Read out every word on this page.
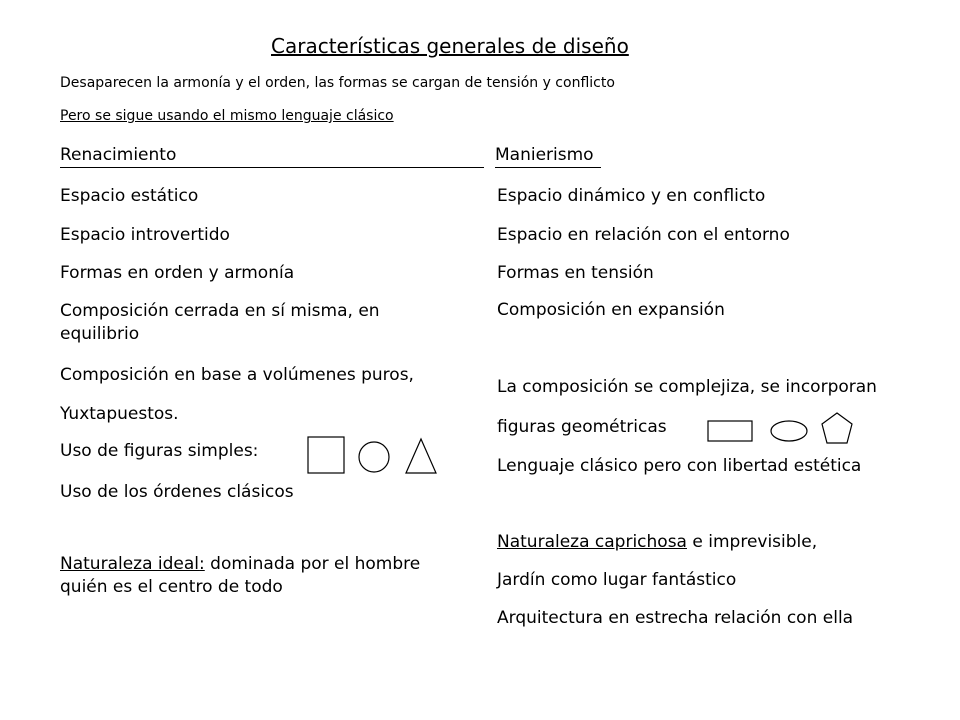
Características generales de diseño
Desaparecen la armonía y el orden, las formas se cargan de tensión y conflicto
Pero se sigue usando el mismo lenguaje clásico
Renacimiento	Manierismo
Espacio estático
Espacio introvertido
Formas en orden y armonía
Composición cerrada en sí misma, en equilibrio
Composición en base a volúmenes puros,
Yuxtapuestos.
Uso de figuras simples:
Uso de los órdenes clásicos
Naturaleza ideal: dominada por el hombre quién es el centro de todo
Espacio dinámico y en conflicto
Espacio en relación con el entorno
Formas en tensión
Composición en expansión
La composición se complejiza, se incorporan
figuras geométricas
Lenguaje clásico pero con libertad estética
Naturaleza caprichosa e imprevisible,
Jardín como lugar fantástico
Arquitectura en estrecha relación con ella
